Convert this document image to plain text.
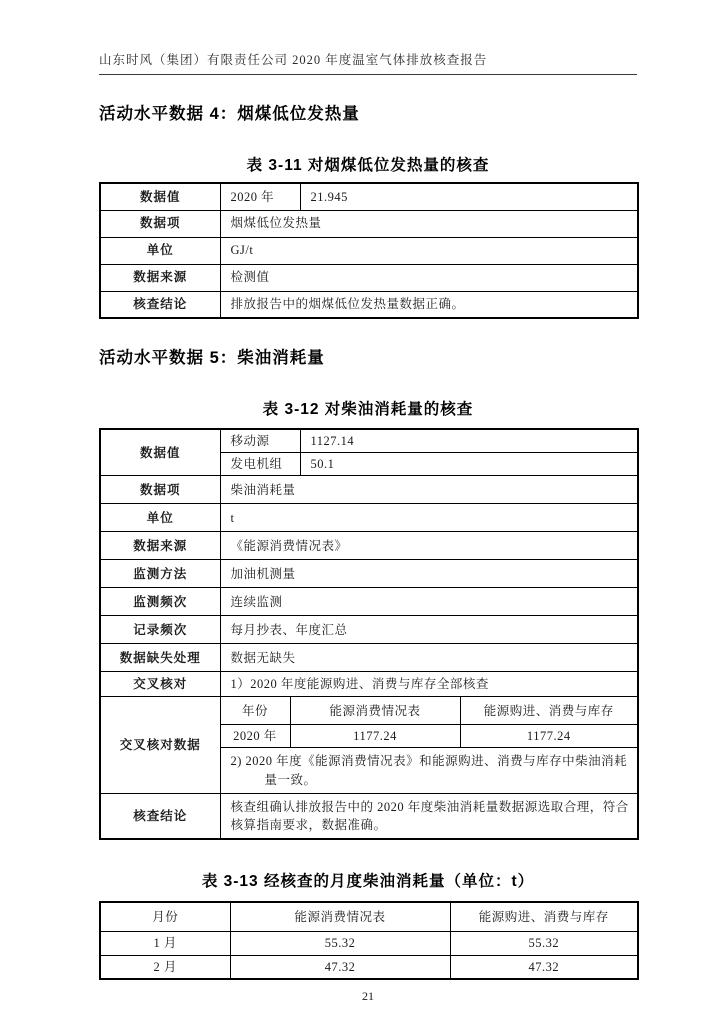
山东时风（集团）有限责任公司 2020 年度温室气体排放核查报告
活动水平数据 4：烟煤低位发热量
表 3-11 对烟煤低位发热量的核查
数据值	2020 年	21.945
数据项	烟煤低位发热量	
单位	GJ/t	
数据来源	检测值	
核查结论	排放报告中的烟煤低位发热量数据正确。	
活动水平数据 5：柴油消耗量
表 3-12 对柴油消耗量的核查
数据值	移动源		1127.14	
	发电机组		50.1	
数据项	柴油消耗量			
单位	t			
数据来源	《能源消费情况表》			
监测方法	加油机测量			
监测频次	连续监测			
记录频次	每月抄表、年度汇总			
数据缺失处理	数据无缺失			
交叉核对	1）2020 年度能源购进、消费与库存全部核查			
交叉核对数据	年份	能源消费情况表		能源购进、消费与库存
	2020 年	1177.24		1177.24
	2) 2020 年度《能源消费情况表》和能源购进、消费与库存中柴油消耗量一致。			
核查结论	核查组确认排放报告中的 2020 年度柴油消耗量数据源选取合理，符合核算指南要求，数据准确。			
表 3-13 经核查的月度柴油消耗量（单位：t）
月份	能源消费情况表	能源购进、消费与库存
1 月	55.32	55.32
2 月	47.32	47.32
21
